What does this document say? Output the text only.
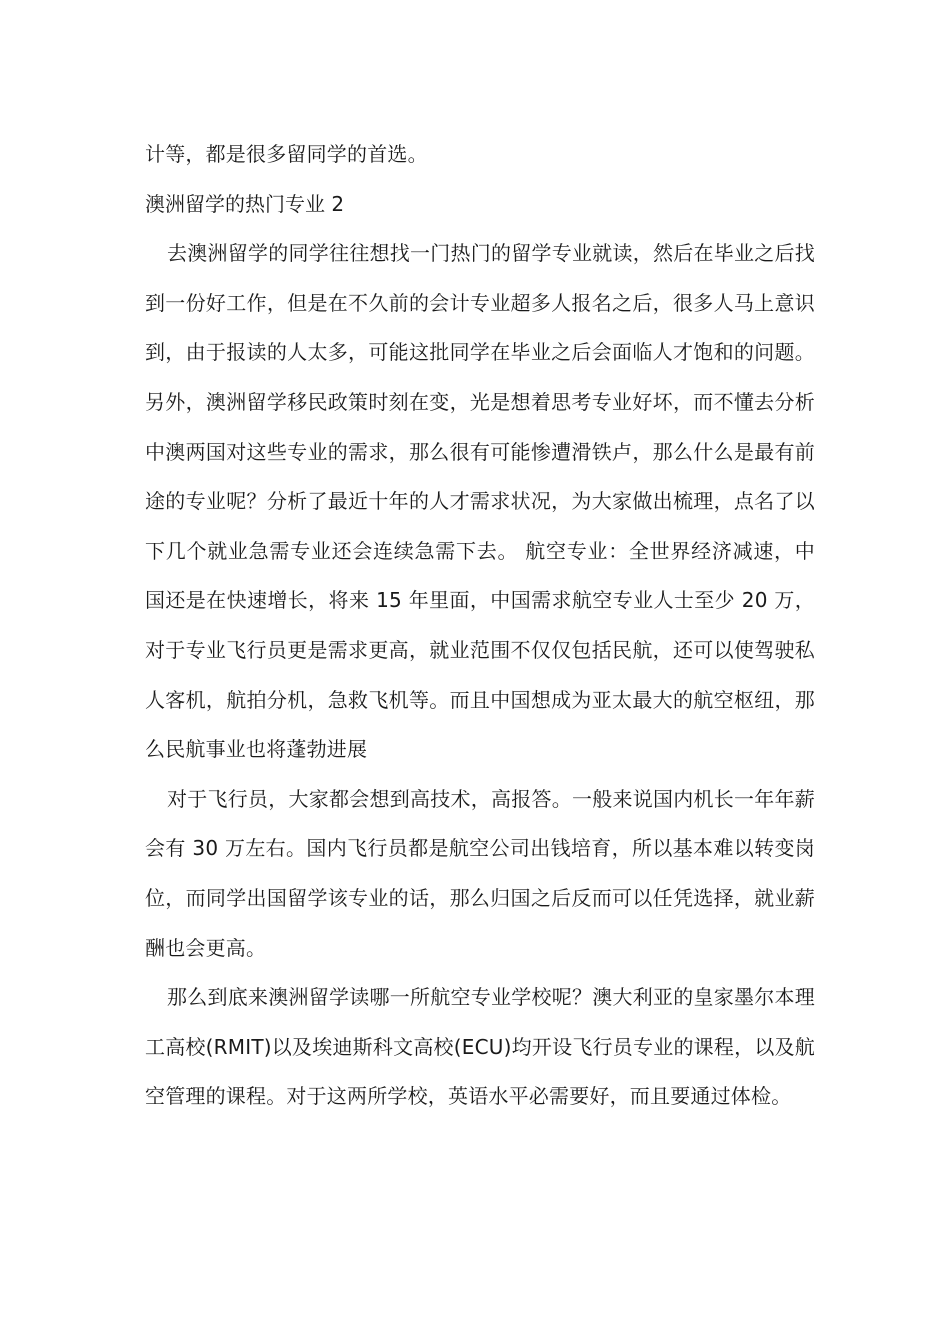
计等，都是很多留同学的首选。

澳洲留学的热门专业 2

去澳洲留学的同学往往想找一门热门的留学专业就读，然后在毕业之后找到一份好工作，但是在不久前的会计专业超多人报名之后，很多人马上意识到，由于报读的人太多，可能这批同学在毕业之后会面临人才饱和的问题。另外，澳洲留学移民政策时刻在变，光是想着思考专业好坏，而不懂去分析中澳两国对这些专业的需求，那么很有可能惨遭滑铁卢，那么什么是最有前途的专业呢？分析了最近十年的人才需求状况，为大家做出梳理，点名了以下几个就业急需专业还会连续急需下去。 航空专业：全世界经济减速，中国还是在快速增长，将来 15 年里面，中国需求航空专业人士至少 20 万，对于专业飞行员更是需求更高，就业范围不仅仅包括民航，还可以使驾驶私人客机，航拍分机，急救飞机等。而且中国想成为亚太最大的航空枢纽，那么民航事业也将蓬勃进展

对于飞行员，大家都会想到高技术，高报答。一般来说国内机长一年年薪会有 30 万左右。国内飞行员都是航空公司出钱培育，所以基本难以转变岗位，而同学出国留学该专业的话，那么归国之后反而可以任凭选择，就业薪酬也会更高。

那么到底来澳洲留学读哪一所航空专业学校呢？澳大利亚的皇家墨尔本理工高校(RMIT)以及埃迪斯科文高校(ECU)均开设飞行员专业的课程，以及航空管理的课程。对于这两所学校，英语水平必需要好，而且要通过体检。
